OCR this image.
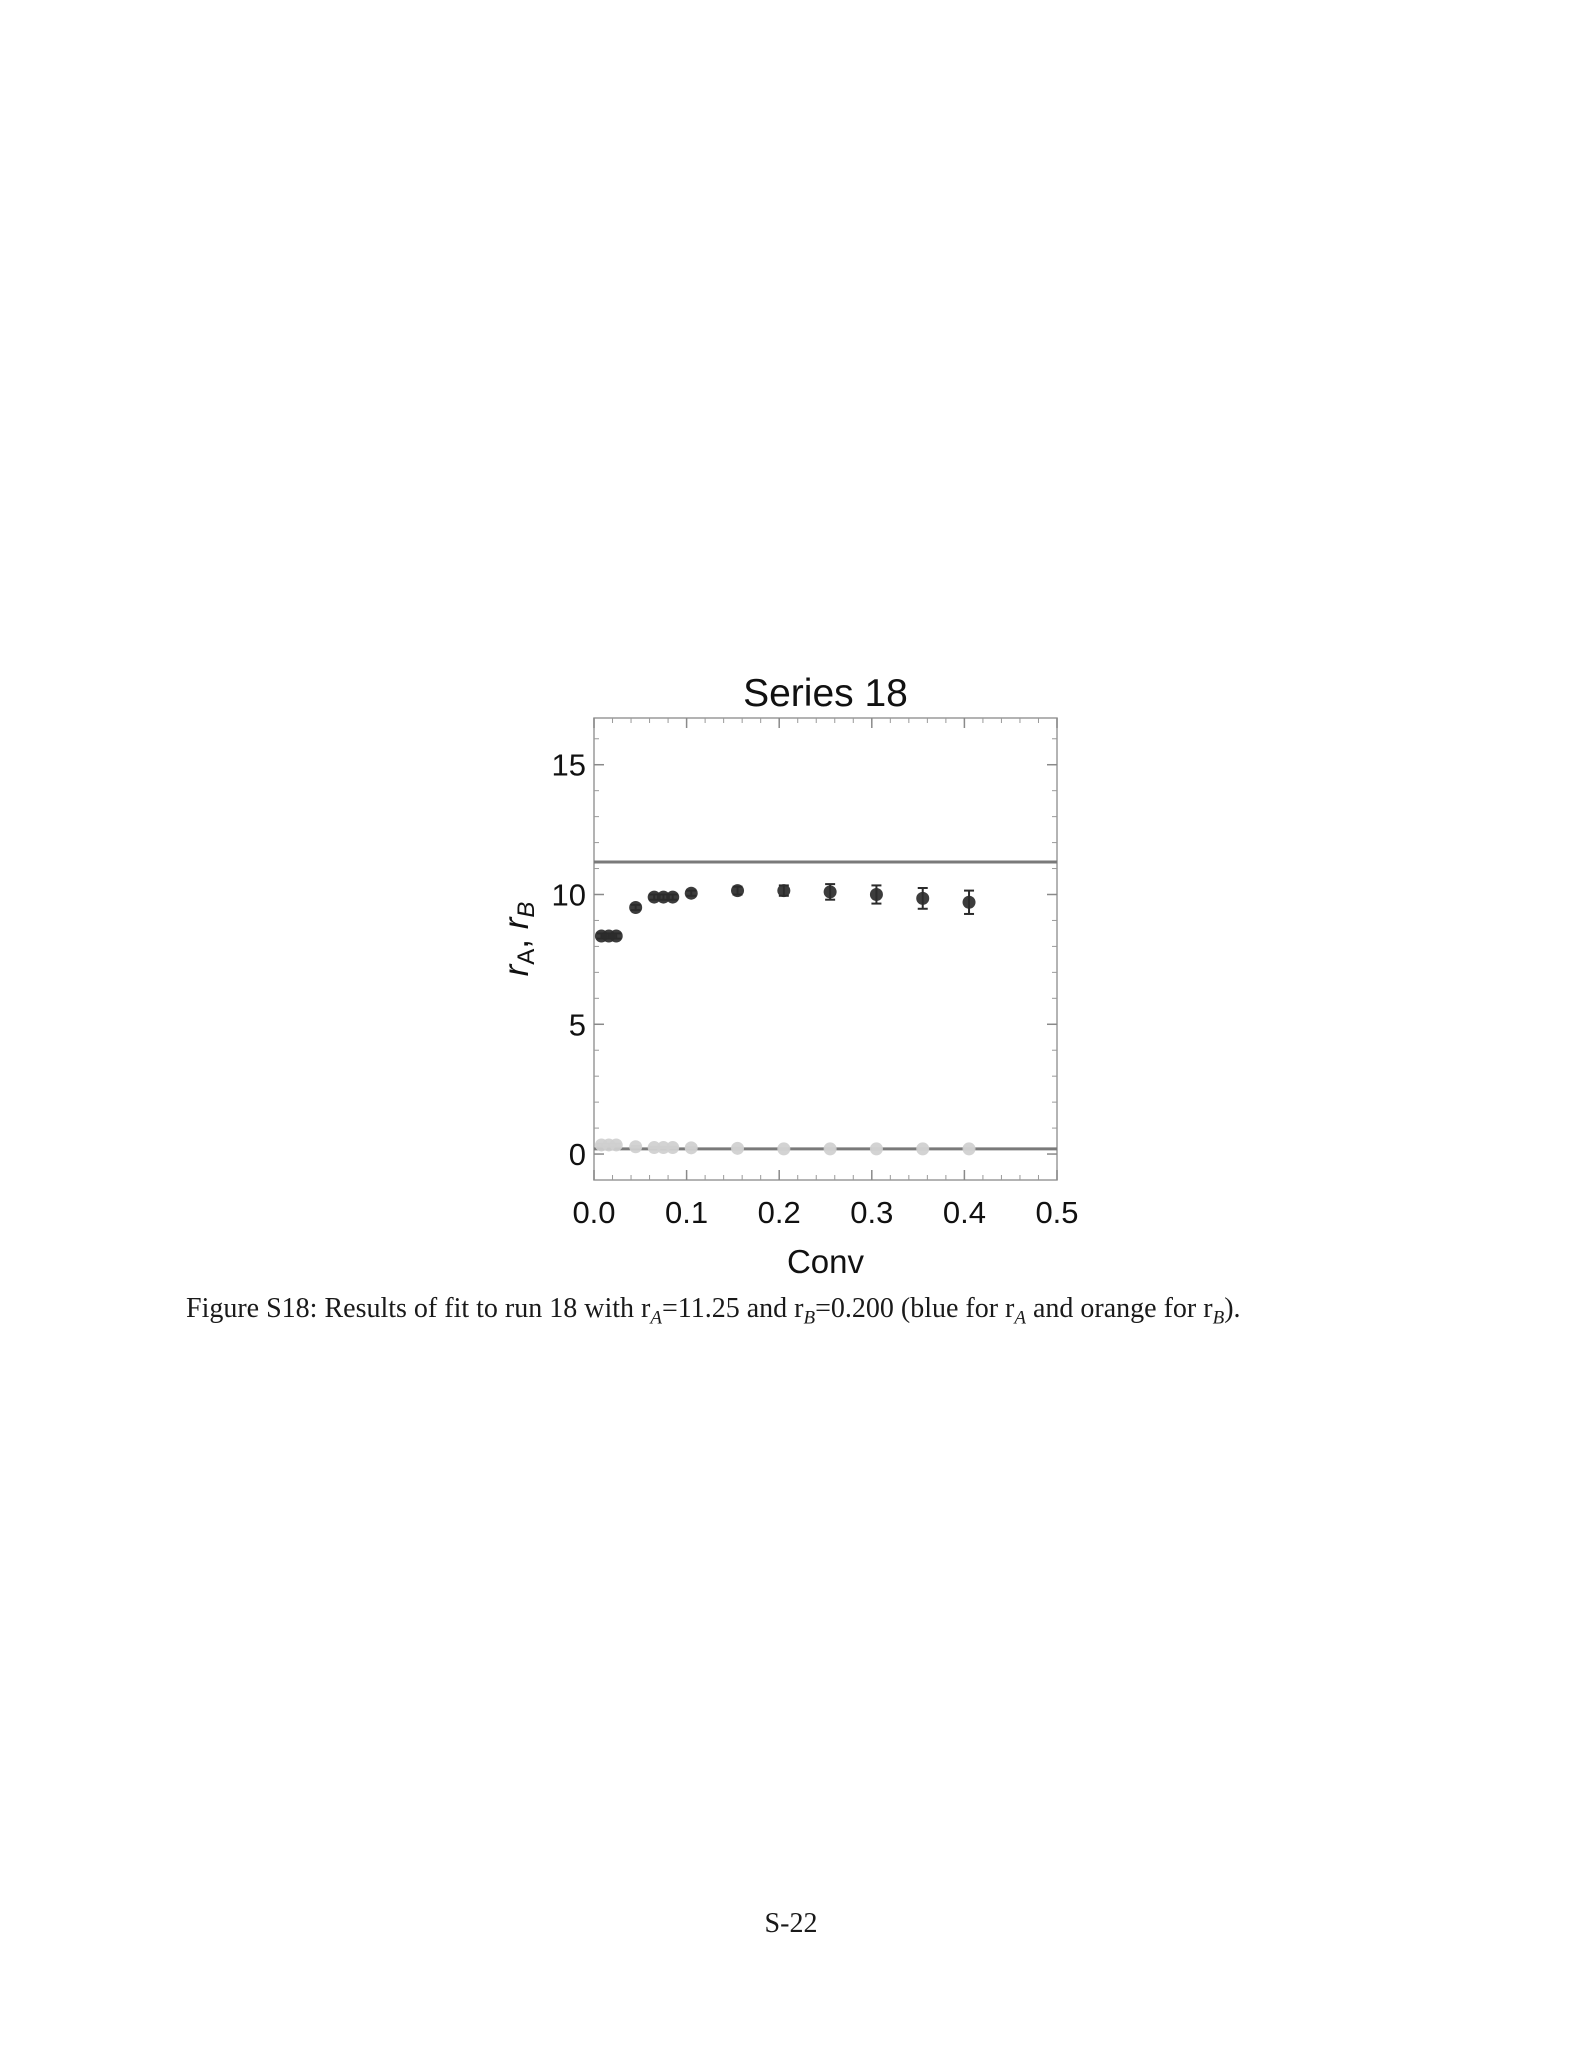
0.0 0.1 0.2 0.3 0.4 0.5
0
5
10
15
Series 18
Conv
rA, rB
Figure S18: Results of fit to run 18 with $r_A=11.25$ and $r_B=0.200$ (blue for $r_A$ and orange for $r_B$).
S-22
